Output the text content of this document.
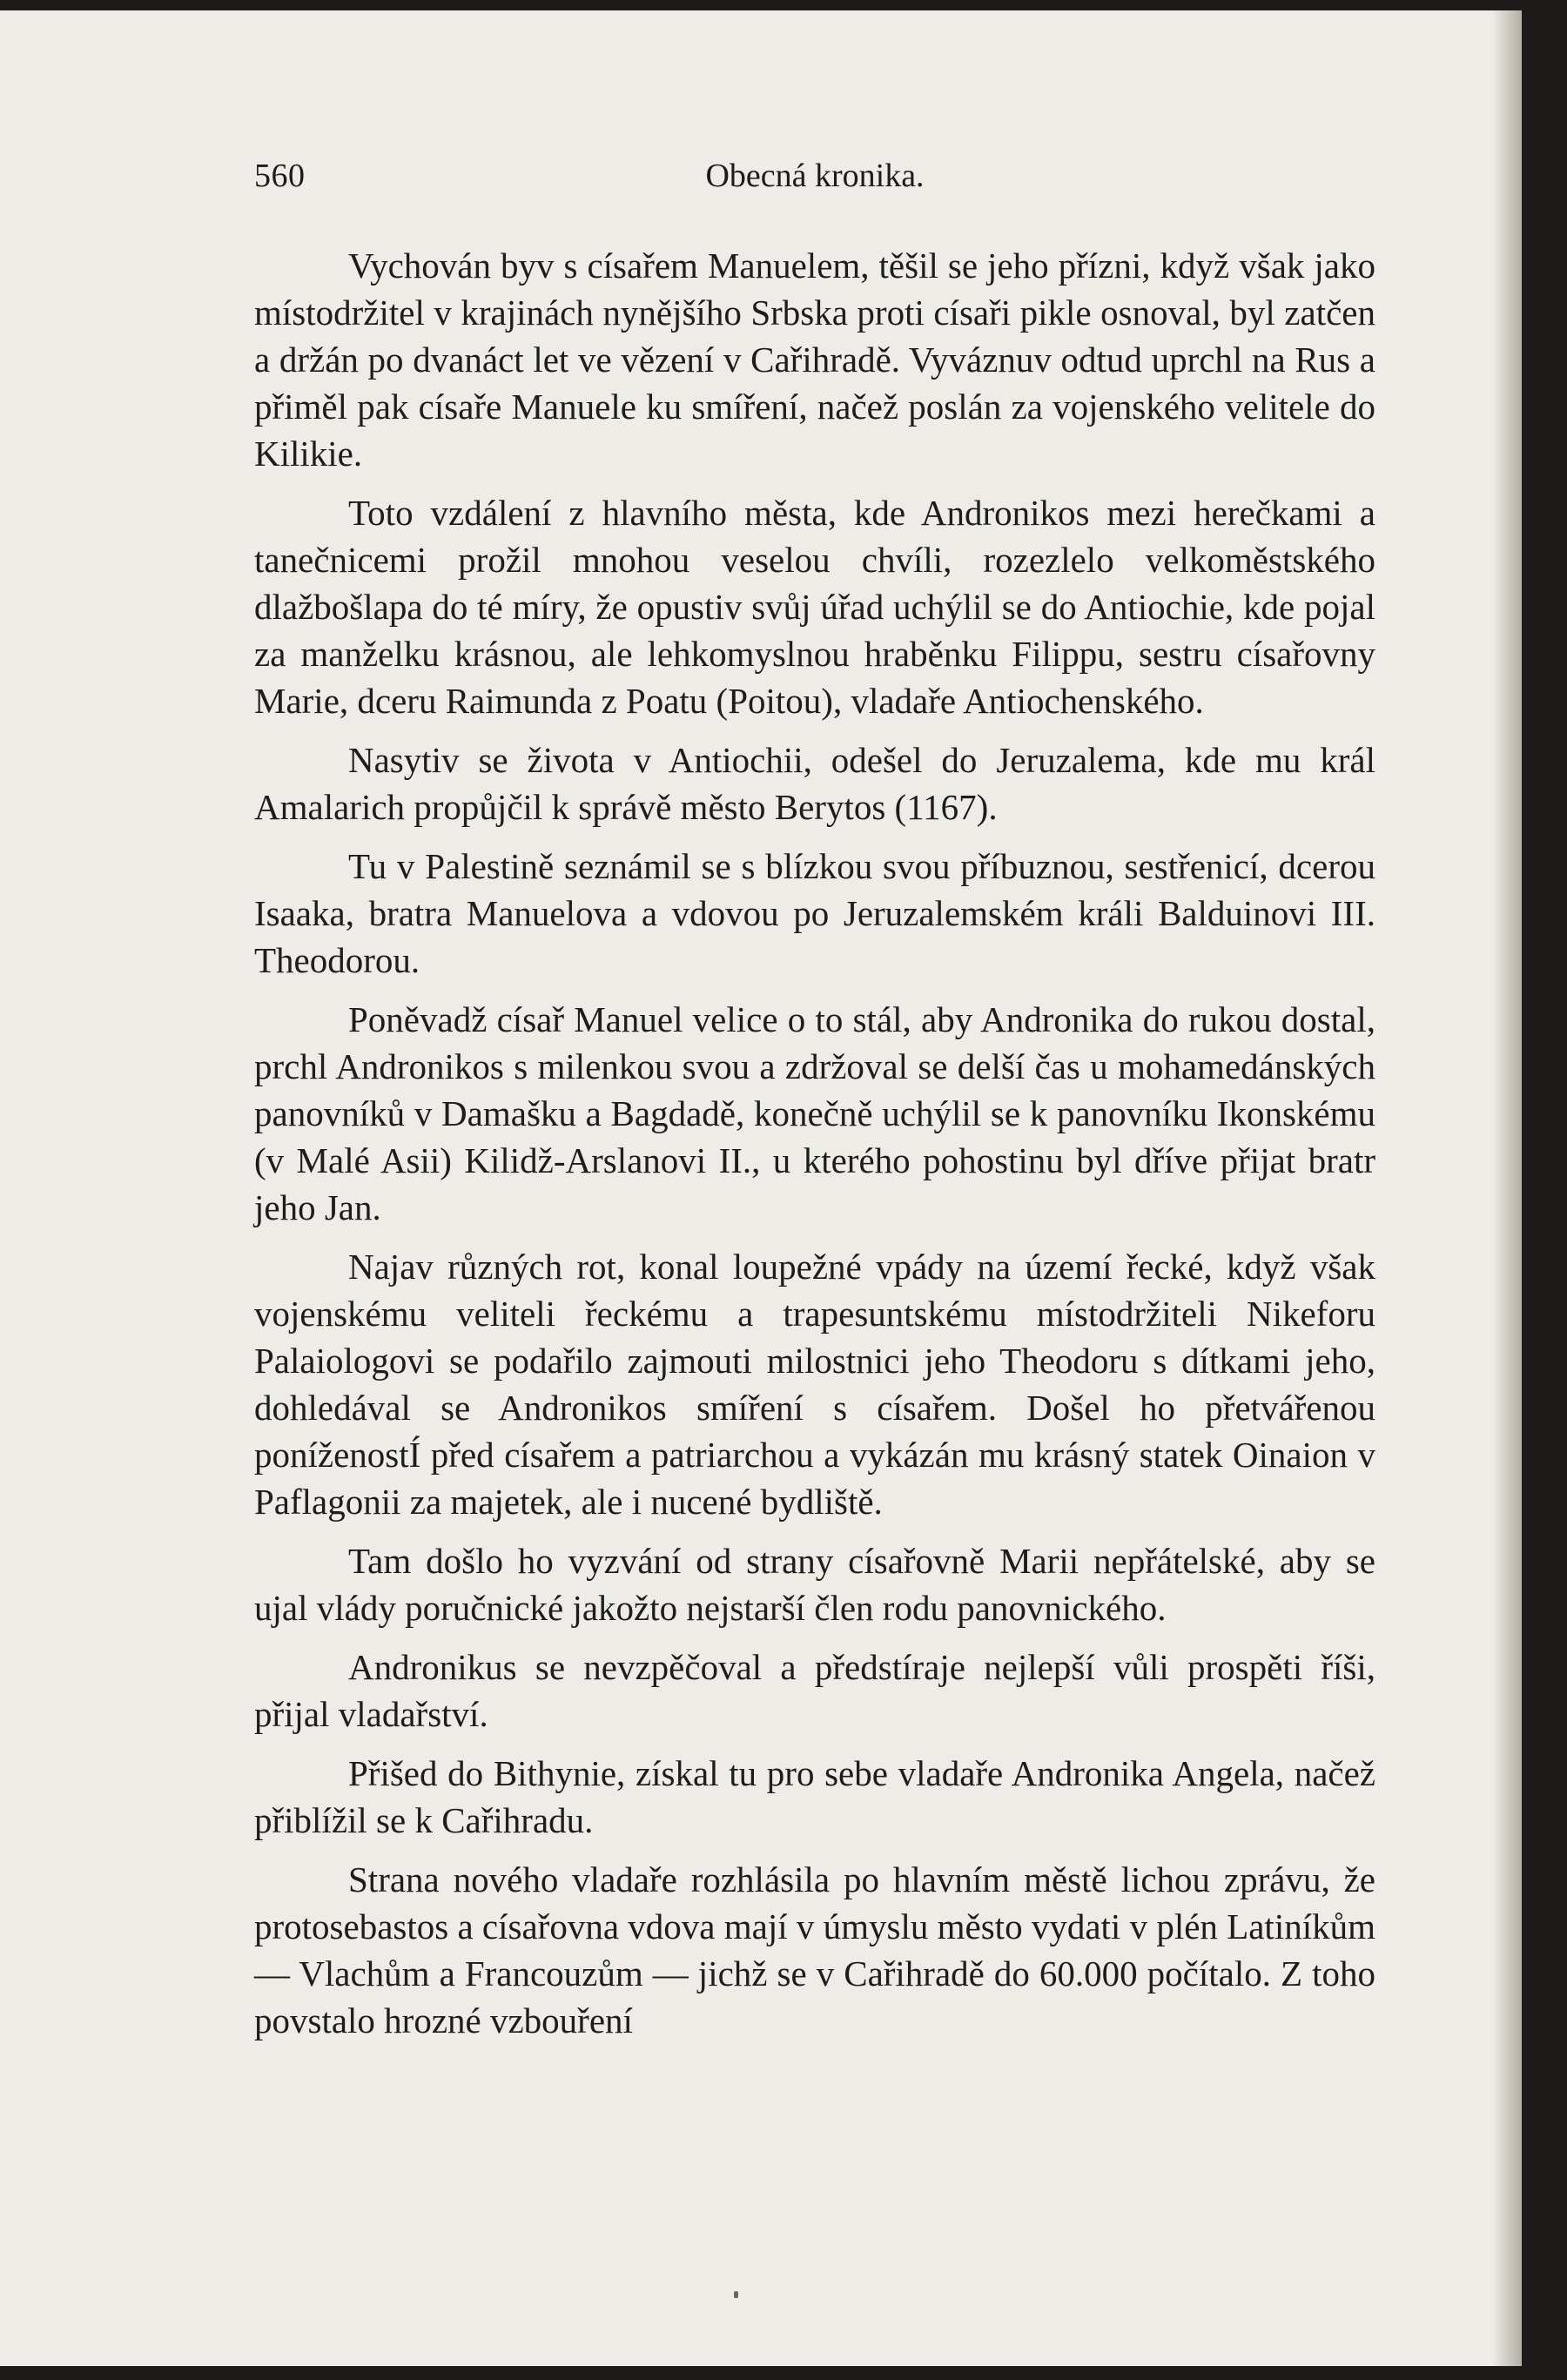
560	Obecná kronika.

Vychován byv s císařem Manuelem, těšil se jeho přízni, když však jako místodržitel v krajinách nynějšího Srbska proti císaři pikle osnoval, byl zatčen a držán po dvanáct let ve vězení v Cařihradě. Vyváznuv odtud uprchl na Rus a přiměl pak císaře Manuele ku smíření, načež poslán za vojenského velitele do Kilikie.

Toto vzdálení z hlavního města, kde Andronikos mezi herečkami a tanečnicemi prožil mnohou veselou chvíli, rozezlelo velkoměstského dlažbošlapa do té míry, že opustiv svůj úřad uchýlil se do Antiochie, kde pojal za manželku krásnou, ale lehkomyslnou hraběnku Filippu, sestru císařovny Marie, dceru Raimunda z Poatu (Poitou), vladaře Antiochenského.

Nasytiv se života v Antiochii, odešel do Jeruzalema, kde mu král Amalarich propůjčil k správě město Berytos (1167).

Tu v Palestině seznámil se s blízkou svou příbuznou, sestřenicí, dcerou Isaaka, bratra Manuelova a vdovou po Jeruzalemském králi Balduinovi III. Theodorou.

Poněvadž císař Manuel velice o to stál, aby Andronika do rukou dostal, prchl Andronikos s milenkou svou a zdržoval se delší čas u mohamedánských panovníků v Damašku a Bagdadě, konečně uchýlil se k panovníku Ikonskému (v Malé Asii) Kilidž-Arslanovi II., u kterého pohostinu byl dříve přijat bratr jeho Jan.

Najav různých rot, konal loupežné vpády na území řecké, když však vojenskému veliteli řeckému a trapesuntskému místodržiteli Nikeforu Palaiologovi se podařilo zajmouti milostnici jeho Theodoru s dítkami jeho, dohledával se Andronikos smíření s císařem. Došel ho přetvářenou poníženostÍ před císařem a patriarchou a vykázán mu krásný statek Oinaion v Paflagonii za majetek, ale i nucené bydliště.

Tam došlo ho vyzvání od strany císařovně Marii nepřátelské, aby se ujal vlády poručnické jakožto nejstarší člen rodu panovnického.

Andronikus se nevzpěčoval a předstíraje nejlepší vůli prospěti říši, přijal vladařství.

Přišed do Bithynie, získal tu pro sebe vladaře Andronika Angela, načež přiblížil se k Cařihradu.

Strana nového vladaře rozhlásila po hlavním městě lichou zprávu, že protosebastos a císařovna vdova mají v úmyslu město vydati v plén Latiníkům — Vlachům a Francouzům — jichž se v Cařihradě do 60.000 počítalo. Z toho povstalo hrozné vzbouření
